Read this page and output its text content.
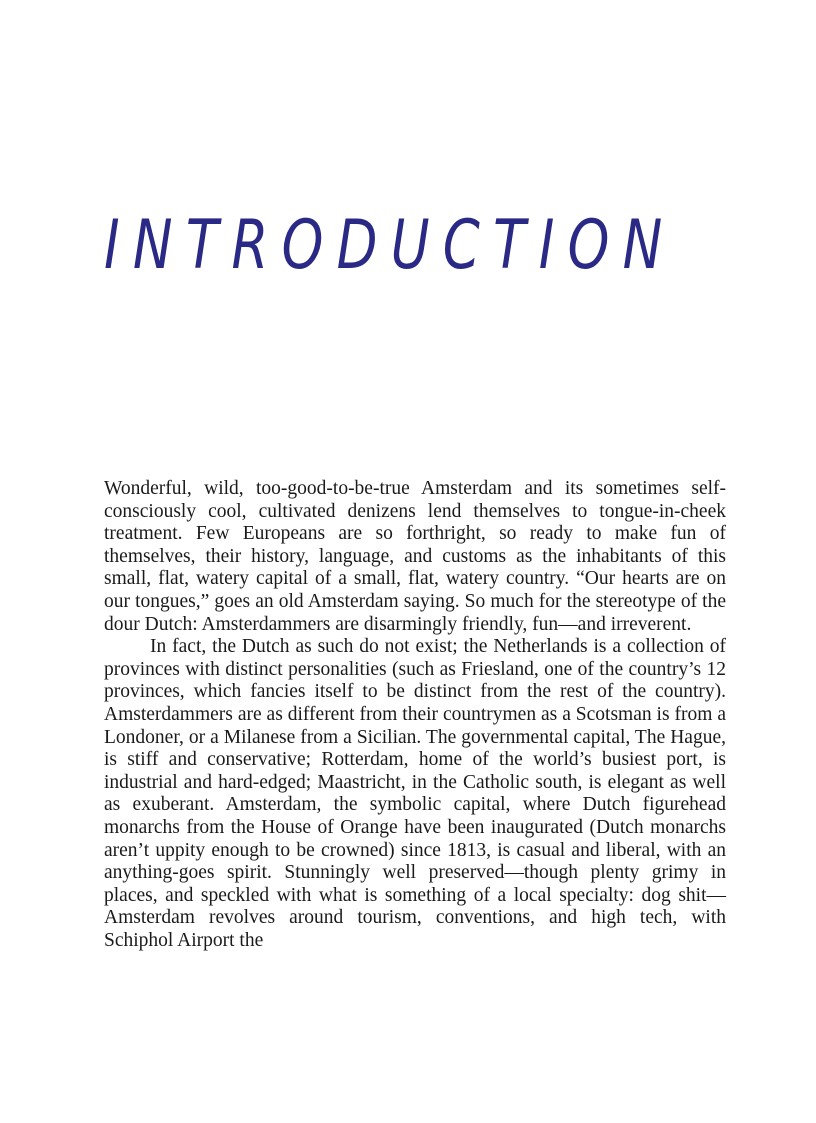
INTRODUCTION

Wonderful, wild, too-good-to-be-true Amsterdam and its sometimes self-consciously cool, cultivated denizens lend themselves to tongue-in-cheek treatment. Few Europeans are so forthright, so ready to make fun of themselves, their history, language, and customs as the inhabitants of this small, flat, watery capital of a small, flat, watery country. “Our hearts are on our tongues,” goes an old Amsterdam saying. So much for the stereotype of the dour Dutch: Amsterdammers are disarmingly friendly, fun—and irreverent.

In fact, the Dutch as such do not exist; the Netherlands is a collection of provinces with distinct personalities (such as Friesland, one of the country’s 12 provinces, which fancies itself to be distinct from the rest of the country). Amsterdammers are as different from their countrymen as a Scotsman is from a Londoner, or a Milanese from a Sicilian. The governmental capital, The Hague, is stiff and conservative; Rotterdam, home of the world’s busiest port, is industrial and hard-edged; Maastricht, in the Catholic south, is elegant as well as exuberant. Amsterdam, the symbolic capital, where Dutch figurehead monarchs from the House of Orange have been inaugurated (Dutch monarchs aren’t uppity enough to be crowned) since 1813, is casual and liberal, with an anything-goes spirit. Stunningly well preserved—though plenty grimy in places, and speckled with what is something of a local specialty: dog shit—Amsterdam revolves around tourism, conventions, and high tech, with Schiphol Airport the
